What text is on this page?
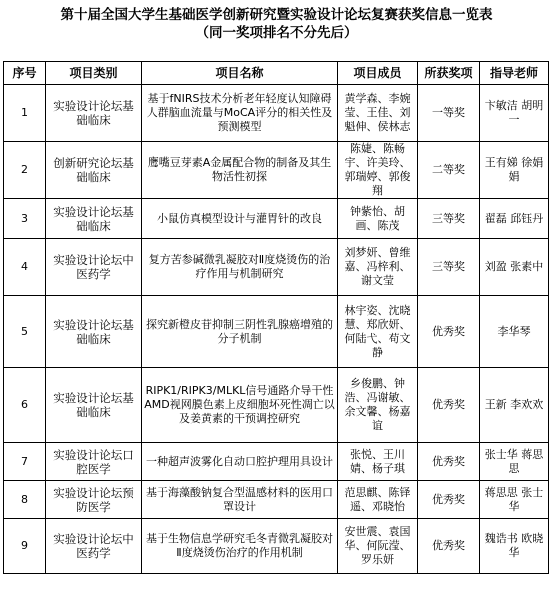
第十届全国大学生基础医学创新研究暨实验设计论坛复赛获奖信息一览表
（同一奖项排名不分先后）
序号	项目类别	项目名称	项目成员	所获奖项	指导老师
1	实验设计论坛基础临床	基于fNIRS技术分析老年轻度认知障碍人群脑血流量与MoCA评分的相关性及预测模型	黄学森、李婉莹、王佳、刘魁伸、侯林志	一等奖	卞敏洁 胡明一
2	创新研究论坛基础临床	鹰嘴豆芽素A金属配合物的制备及其生物活性初探	陈婕、陈畅宇、许美玲、郭瑞婷、郭俊翔	二等奖	王有娣 徐娟娟
3	实验设计论坛基础临床	小鼠仿真模型设计与灌胃针的改良	钟紫怡、胡画、陈茂	三等奖	翟磊 邱钰丹
4	实验设计论坛中医药学	复方苦参碱微乳凝胶对Ⅱ度烧烫伤的治疗作用与机制研究	刘梦妍、曾维嘉、冯梓利、谢文莹	三等奖	刘盈 张素中
5	实验设计论坛基础临床	探究新橙皮苷抑制三阴性乳腺癌增殖的分子机制	林宇姿、沈晓慧、郑欣妍、何陆弋、苟文静	优秀奖	李华琴
6	实验设计论坛基础临床	RIPK1/RIPK3/MLKL信号通路介导干性AMD视网膜色素上皮细胞坏死性凋亡以及姜黄素的干预调控研究	乡俊鹏、钟浩、冯谢敏、余文馨、杨嘉谊	优秀奖	王新 李欢欢
7	实验设计论坛口腔医学	一种超声波雾化自动口腔护理用具设计	张悦、王川婧、杨子琪	优秀奖	张士华 蒋思思
8	实验设计论坛预防医学	基于海藻酸钠复合型温感材料的医用口罩设计	范思麒、陈铎遥、邓晓怡	优秀奖	蒋思思 张士华
9	实验设计论坛中医药学	基于生物信息学研究毛冬青微乳凝胶对Ⅱ度烧烫伤治疗的作用机制	安世震、袁国华、何阮滢、罗乐妍	优秀奖	魏诰书 欧晓华
